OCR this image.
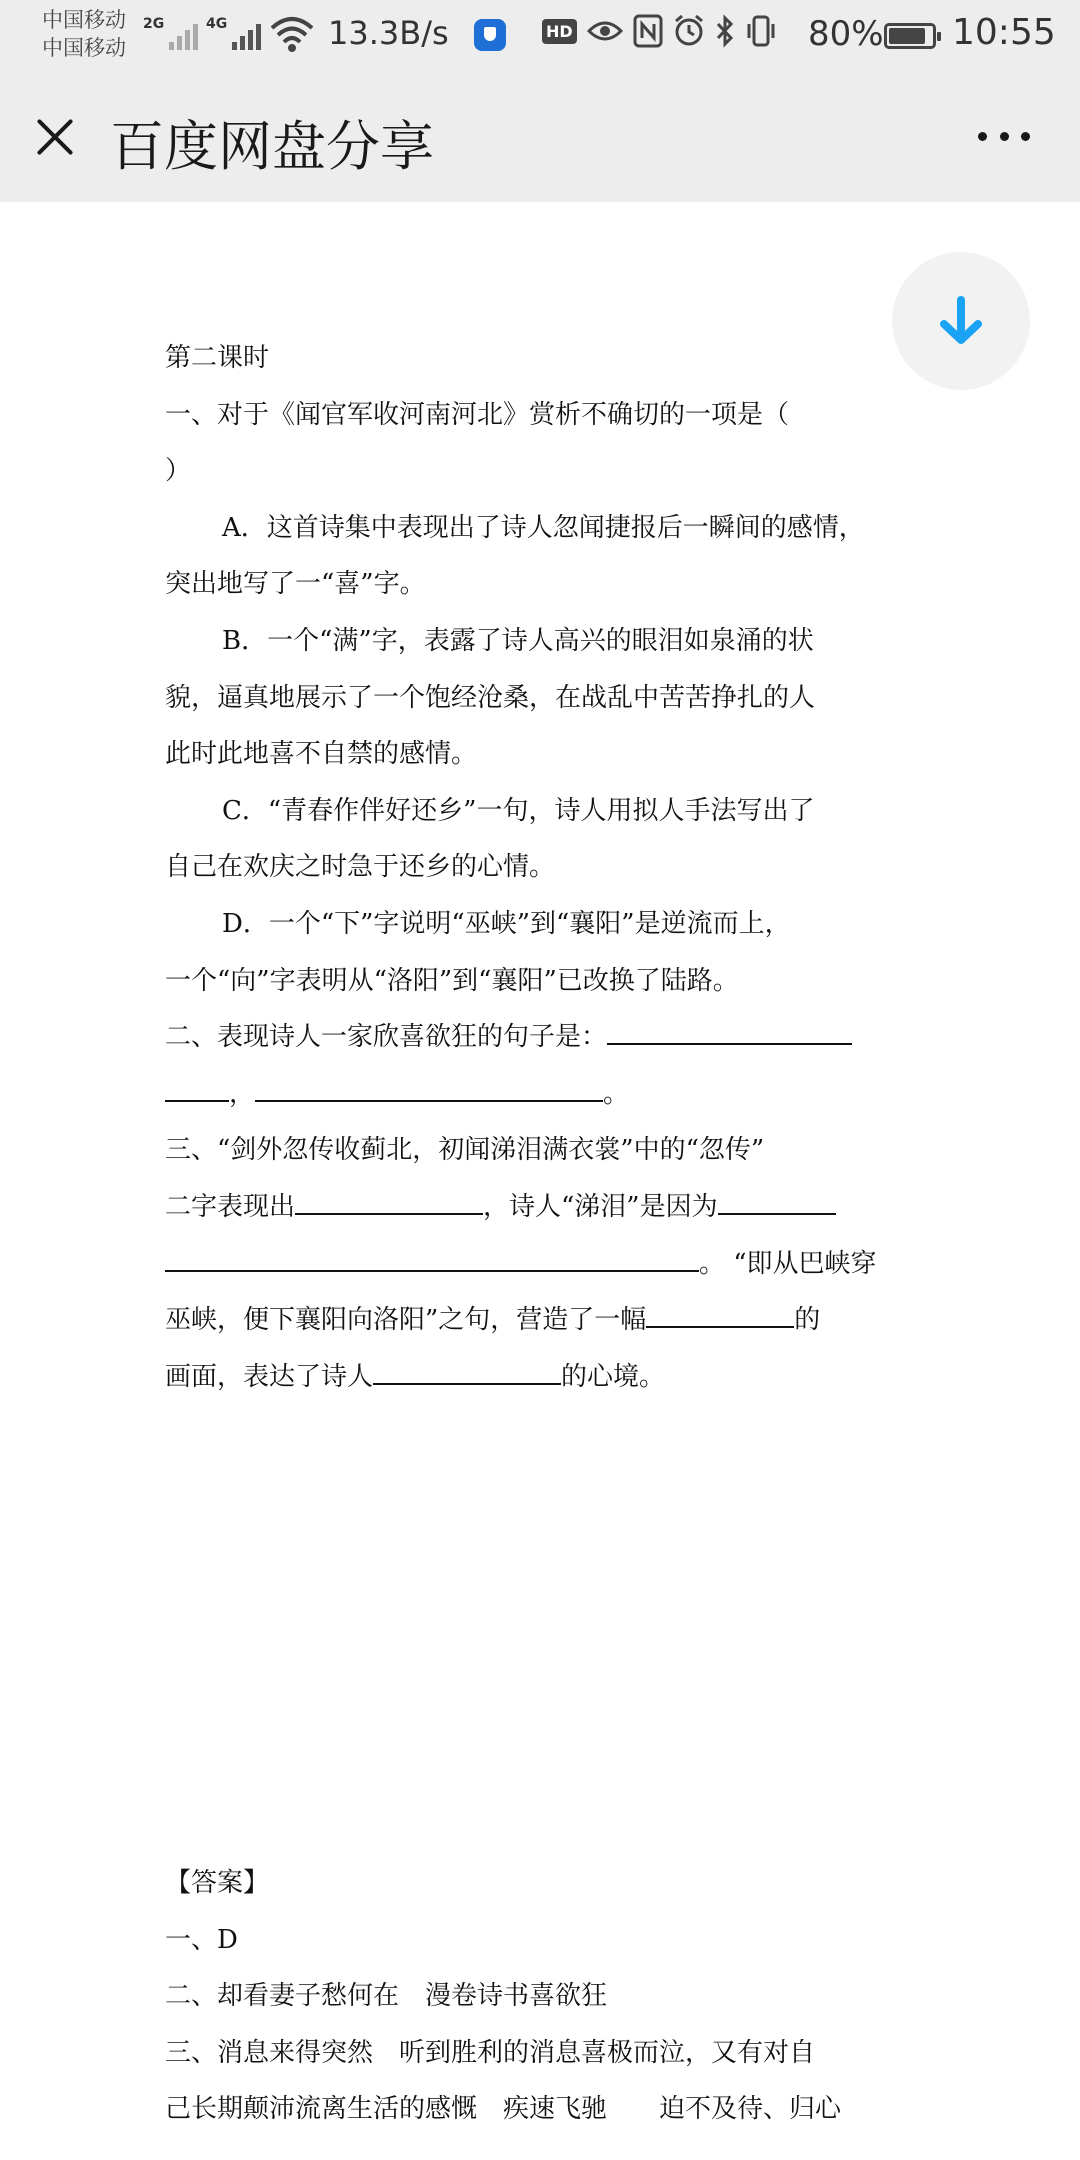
中国移动
中国移动
2G	4G	13.3B/s	HD	80% 10:55
百度网盘分享
第二课时
一、对于《闻官军收河南河北》赏析不确切的一项是（
）
A．这首诗集中表现出了诗人忽闻捷报后一瞬间的感情，
突出地写了一“喜”字。
B．一个“满”字，表露了诗人高兴的眼泪如泉涌的状
貌，逼真地展示了一个饱经沧桑，在战乱中苦苦挣扎的人
此时此地喜不自禁的感情。
C．“青春作伴好还乡”一句，诗人用拟人手法写出了
自己在欢庆之时急于还乡的心情。
D．一个“下”字说明“巫峡”到“襄阳”是逆流而上，
一个“向”字表明从“洛阳”到“襄阳”已改换了陆路。
二、表现诗人一家欣喜欲狂的句子是：
，	。
三、“剑外忽传收蓟北，初闻涕泪满衣裳”中的“忽传”
二字表现出	，诗人“涕泪”是因为
。 “即从巴峡穿
巫峡，便下襄阳向洛阳”之句，营造了一幅	的
画面，表达了诗人	的心境。
【答案】
一、D
二、却看妻子愁何在　漫卷诗书喜欲狂
三、消息来得突然　听到胜利的消息喜极而泣，又有对自
己长期颠沛流离生活的感慨　疾速飞驰　　迫不及待、归心
